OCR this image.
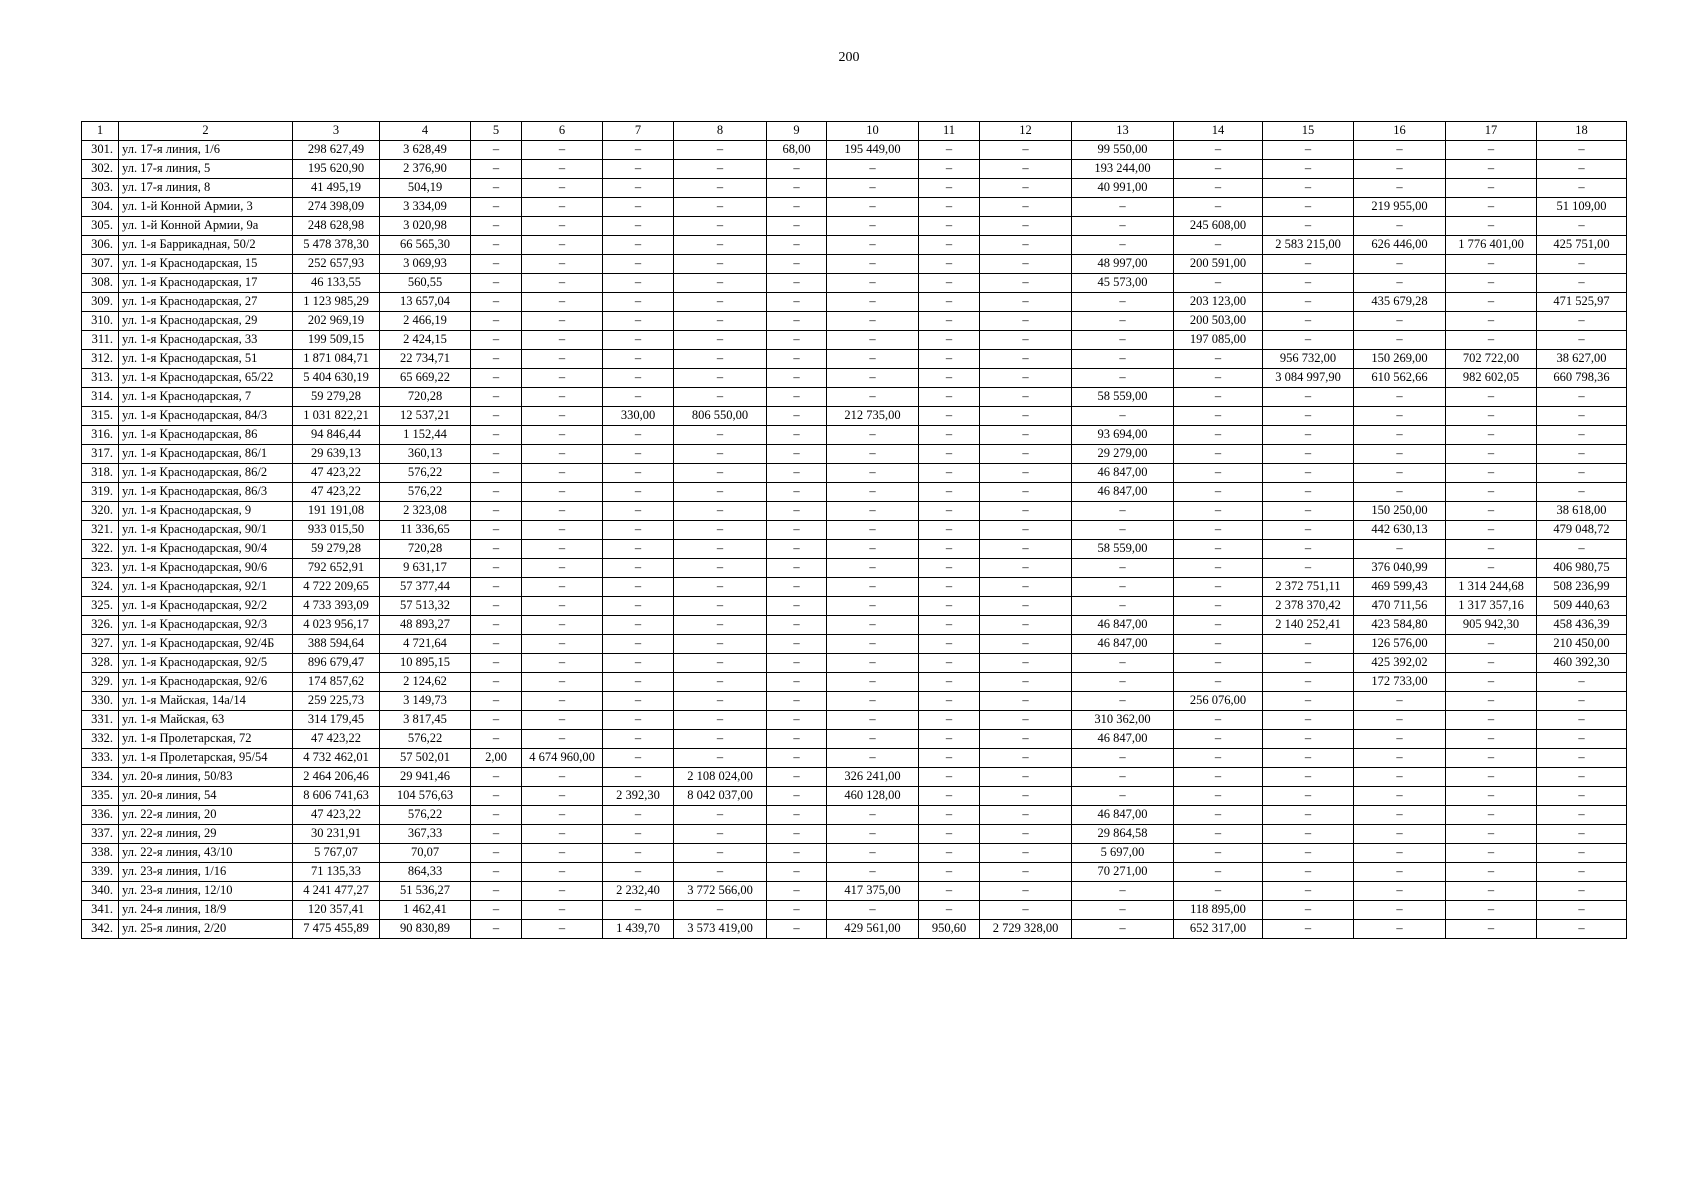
200
1	2	3	4	5	6	7	8	9	10	11	12	13	14	15	16	17	18
301.	ул. 17-я линия, 1/6	298 627,49	3 628,49	–	–	–	–	68,00	195 449,00	–	–	99 550,00	–	–	–	–	–
302.	ул. 17-я линия, 5	195 620,90	2 376,90	–	–	–	–	–	–	–	–	193 244,00	–	–	–	–	–
303.	ул. 17-я линия, 8	41 495,19	504,19	–	–	–	–	–	–	–	–	40 991,00	–	–	–	–	–
304.	ул. 1-й Конной Армии, 3	274 398,09	3 334,09	–	–	–	–	–	–	–	–	–	–	–	219 955,00	–	51 109,00
305.	ул. 1-й Конной Армии, 9а	248 628,98	3 020,98	–	–	–	–	–	–	–	–	–	245 608,00	–	–	–	–
306.	ул. 1-я Баррикадная, 50/2	5 478 378,30	66 565,30	–	–	–	–	–	–	–	–	–	–	2 583 215,00	626 446,00	1 776 401,00	425 751,00
307.	ул. 1-я Краснодарская, 15	252 657,93	3 069,93	–	–	–	–	–	–	–	–	48 997,00	200 591,00	–	–	–	–
308.	ул. 1-я Краснодарская, 17	46 133,55	560,55	–	–	–	–	–	–	–	–	45 573,00	–	–	–	–	–
309.	ул. 1-я Краснодарская, 27	1 123 985,29	13 657,04	–	–	–	–	–	–	–	–	–	203 123,00	–	435 679,28	–	471 525,97
310.	ул. 1-я Краснодарская, 29	202 969,19	2 466,19	–	–	–	–	–	–	–	–	–	200 503,00	–	–	–	–
311.	ул. 1-я Краснодарская, 33	199 509,15	2 424,15	–	–	–	–	–	–	–	–	–	197 085,00	–	–	–	–
312.	ул. 1-я Краснодарская, 51	1 871 084,71	22 734,71	–	–	–	–	–	–	–	–	–	–	956 732,00	150 269,00	702 722,00	38 627,00
313.	ул. 1-я Краснодарская, 65/22	5 404 630,19	65 669,22	–	–	–	–	–	–	–	–	–	–	3 084 997,90	610 562,66	982 602,05	660 798,36
314.	ул. 1-я Краснодарская, 7	59 279,28	720,28	–	–	–	–	–	–	–	–	58 559,00	–	–	–	–	–
315.	ул. 1-я Краснодарская, 84/3	1 031 822,21	12 537,21	–	–	330,00	806 550,00	–	212 735,00	–	–	–	–	–	–	–	–
316.	ул. 1-я Краснодарская, 86	94 846,44	1 152,44	–	–	–	–	–	–	–	–	93 694,00	–	–	–	–	–
317.	ул. 1-я Краснодарская, 86/1	29 639,13	360,13	–	–	–	–	–	–	–	–	29 279,00	–	–	–	–	–
318.	ул. 1-я Краснодарская, 86/2	47 423,22	576,22	–	–	–	–	–	–	–	–	46 847,00	–	–	–	–	–
319.	ул. 1-я Краснодарская, 86/3	47 423,22	576,22	–	–	–	–	–	–	–	–	46 847,00	–	–	–	–	–
320.	ул. 1-я Краснодарская, 9	191 191,08	2 323,08	–	–	–	–	–	–	–	–	–	–	–	150 250,00	–	38 618,00
321.	ул. 1-я Краснодарская, 90/1	933 015,50	11 336,65	–	–	–	–	–	–	–	–	–	–	–	442 630,13	–	479 048,72
322.	ул. 1-я Краснодарская, 90/4	59 279,28	720,28	–	–	–	–	–	–	–	–	58 559,00	–	–	–	–	–
323.	ул. 1-я Краснодарская, 90/6	792 652,91	9 631,17	–	–	–	–	–	–	–	–	–	–	–	376 040,99	–	406 980,75
324.	ул. 1-я Краснодарская, 92/1	4 722 209,65	57 377,44	–	–	–	–	–	–	–	–	–	–	2 372 751,11	469 599,43	1 314 244,68	508 236,99
325.	ул. 1-я Краснодарская, 92/2	4 733 393,09	57 513,32	–	–	–	–	–	–	–	–	–	–	2 378 370,42	470 711,56	1 317 357,16	509 440,63
326.	ул. 1-я Краснодарская, 92/3	4 023 956,17	48 893,27	–	–	–	–	–	–	–	–	46 847,00	–	2 140 252,41	423 584,80	905 942,30	458 436,39
327.	ул. 1-я Краснодарская, 92/4Б	388 594,64	4 721,64	–	–	–	–	–	–	–	–	46 847,00	–	–	126 576,00	–	210 450,00
328.	ул. 1-я Краснодарская, 92/5	896 679,47	10 895,15	–	–	–	–	–	–	–	–	–	–	–	425 392,02	–	460 392,30
329.	ул. 1-я Краснодарская, 92/6	174 857,62	2 124,62	–	–	–	–	–	–	–	–	–	–	–	172 733,00	–	–
330.	ул. 1-я Майская, 14а/14	259 225,73	3 149,73	–	–	–	–	–	–	–	–	–	256 076,00	–	–	–	–
331.	ул. 1-я Майская, 63	314 179,45	3 817,45	–	–	–	–	–	–	–	–	310 362,00	–	–	–	–	–
332.	ул. 1-я Пролетарская, 72	47 423,22	576,22	–	–	–	–	–	–	–	–	46 847,00	–	–	–	–	–
333.	ул. 1-я Пролетарская, 95/54	4 732 462,01	57 502,01	2,00	4 674 960,00	–	–	–	–	–	–	–	–	–	–	–	–
334.	ул. 20-я линия, 50/83	2 464 206,46	29 941,46	–	–	–	2 108 024,00	–	326 241,00	–	–	–	–	–	–	–	–
335.	ул. 20-я линия, 54	8 606 741,63	104 576,63	–	–	2 392,30	8 042 037,00	–	460 128,00	–	–	–	–	–	–	–	–
336.	ул. 22-я линия, 20	47 423,22	576,22	–	–	–	–	–	–	–	–	46 847,00	–	–	–	–	–
337.	ул. 22-я линия, 29	30 231,91	367,33	–	–	–	–	–	–	–	–	29 864,58	–	–	–	–	–
338.	ул. 22-я линия, 43/10	5 767,07	70,07	–	–	–	–	–	–	–	–	5 697,00	–	–	–	–	–
339.	ул. 23-я линия, 1/16	71 135,33	864,33	–	–	–	–	–	–	–	–	70 271,00	–	–	–	–	–
340.	ул. 23-я линия, 12/10	4 241 477,27	51 536,27	–	–	2 232,40	3 772 566,00	–	417 375,00	–	–	–	–	–	–	–	–
341.	ул. 24-я линия, 18/9	120 357,41	1 462,41	–	–	–	–	–	–	–	–	–	118 895,00	–	–	–	–
342.	ул. 25-я линия, 2/20	7 475 455,89	90 830,89	–	–	1 439,70	3 573 419,00	–	429 561,00	950,60	2 729 328,00	–	652 317,00	–	–	–	–
